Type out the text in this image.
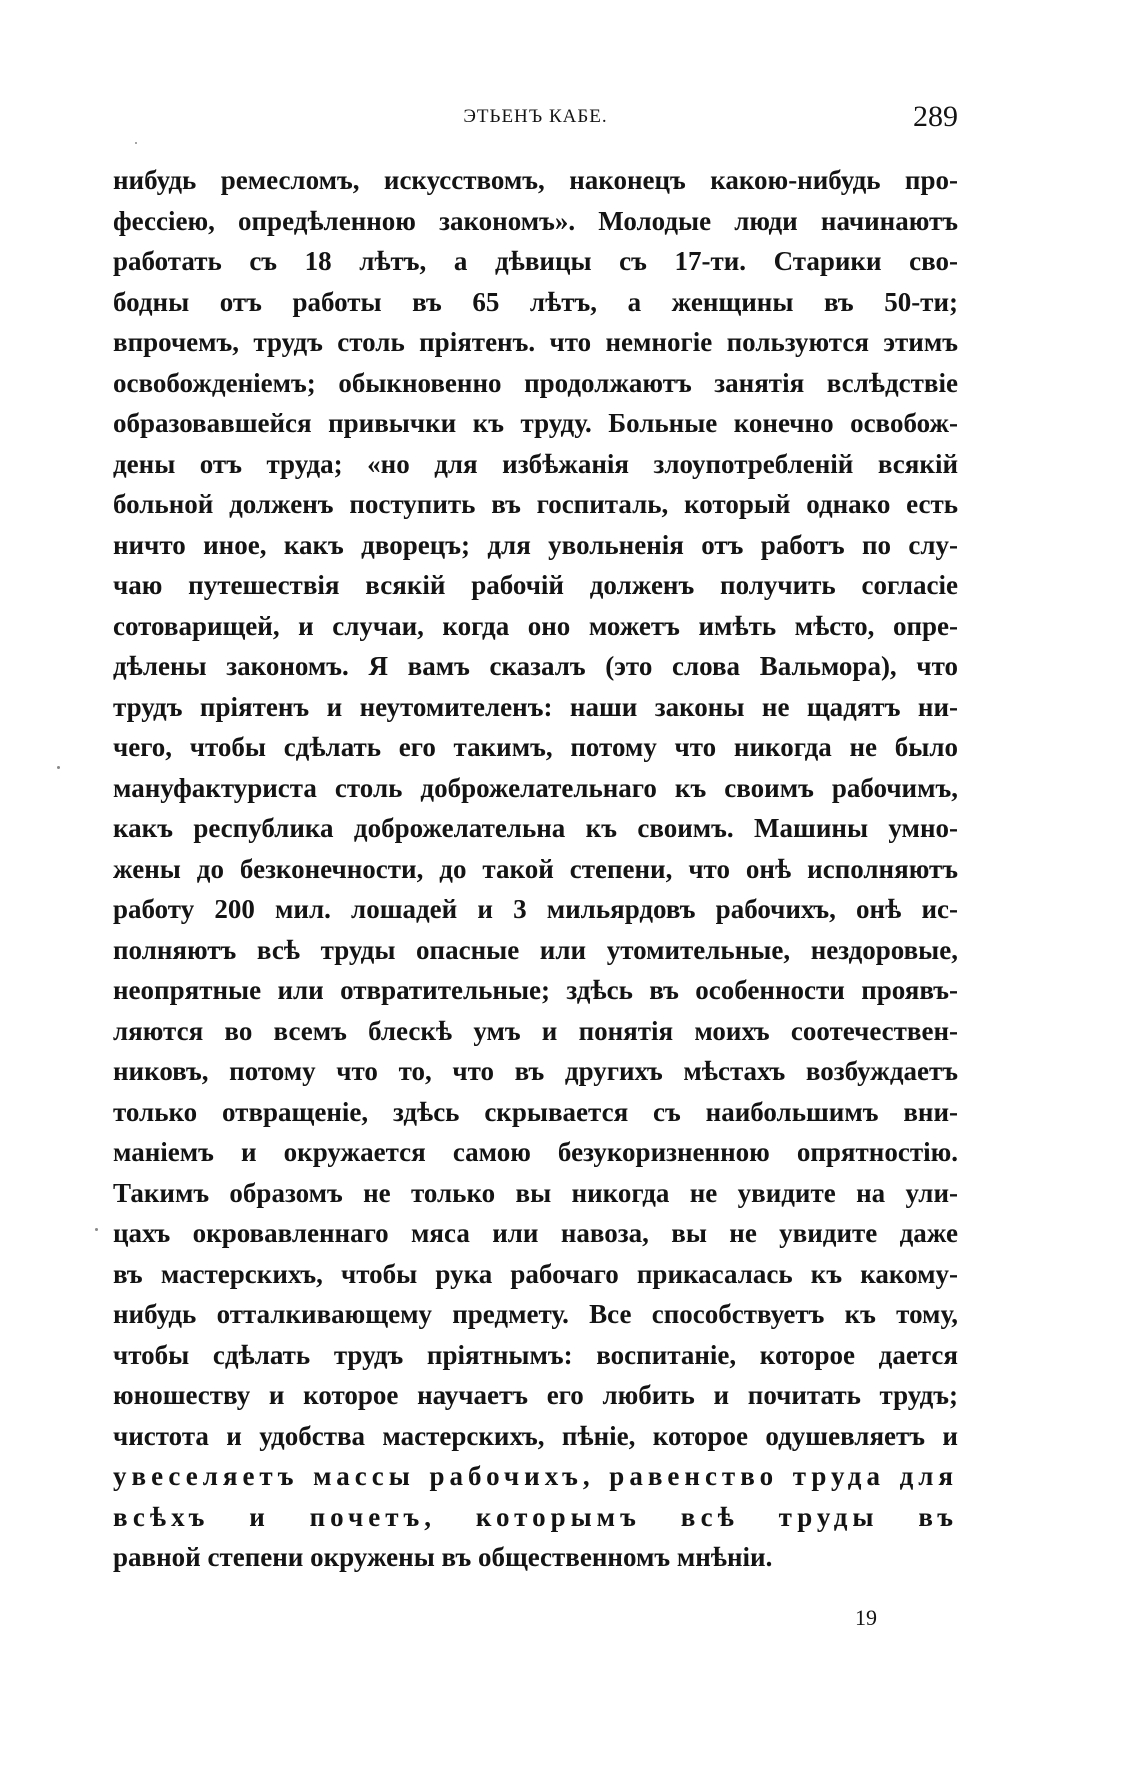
ЭТЬЕНЪ КАБЕ.	289
нибудь ремесломъ, искусствомъ, наконецъ какою-нибудь про-
фессiею, опредѣленною закономъ». Молодые люди начинаютъ
работать съ 18 лѣтъ, а дѣвицы съ 17-ти. Старики сво-
бодны отъ работы въ 65 лѣтъ, а женщины въ 50-ти;
впрочемъ, трудъ столь прiятенъ. что немногiе пользуются этимъ
освобожденiемъ; обыкновенно продолжаютъ занятiя вслѣдствiе
образовавшейся привычки къ труду. Больные конечно освобож-
дены отъ труда; «но для избѣжанiя злоупотребленiй всякiй
больной долженъ поступить въ госпиталь, который однако есть
ничто иное, какъ дворецъ; для увольненiя отъ работъ по слу-
чаю путешествiя всякiй рабочiй долженъ получить согласiе
сотоварищей, и случаи, когда оно можетъ имѣть мѣсто, опре-
дѣлены закономъ. Я вамъ сказалъ (это слова Вальмора), что
трудъ прiятенъ и неутомителенъ: наши законы не щадятъ ни-
чего, чтобы сдѣлать его такимъ, потому что никогда не было
мануфактуриста столь доброжелательнаго къ своимъ рабочимъ,
какъ республика доброжелательна къ своимъ. Машины умно-
жены до безконечности, до такой степени, что онѣ исполняютъ
работу 200 мил. лошадей и 3 мильярдовъ рабочихъ, онѣ ис-
полняютъ всѣ труды опасные или утомительные, нездоровые,
неопрятные или отвратительные; здѣсь въ особенности проявъ-
ляются во всемъ блескѣ умъ и понятiя моихъ соотечествен-
никовъ, потому что то, что въ другихъ мѣстахъ возбуждаетъ
только отвращенiе, здѣсь скрывается съ наибольшимъ вни-
манiемъ и окружается самою безукоризненною опрятностiю.
Такимъ образомъ не только вы никогда не увидите на ули-
цахъ окровавленнаго мяса или навоза, вы не увидите даже
въ мастерскихъ, чтобы рука рабочаго прикасалась къ какому-
нибудь отталкивающему предмету. Все способствуетъ къ тому,
чтобы сдѣлать трудъ прiятнымъ: воспитанiе, которое дается
юношеству и которое научаетъ его любить и почитать трудъ;
чистота и удобства мастерскихъ, пѣнiе, которое одушевляетъ и
увеселяетъ массы рабочихъ, равенство труда для
всѣхъ и почетъ, которымъ всѣ труды въ
равной степени окружены въ общественномъ мнѣнiи.
19
